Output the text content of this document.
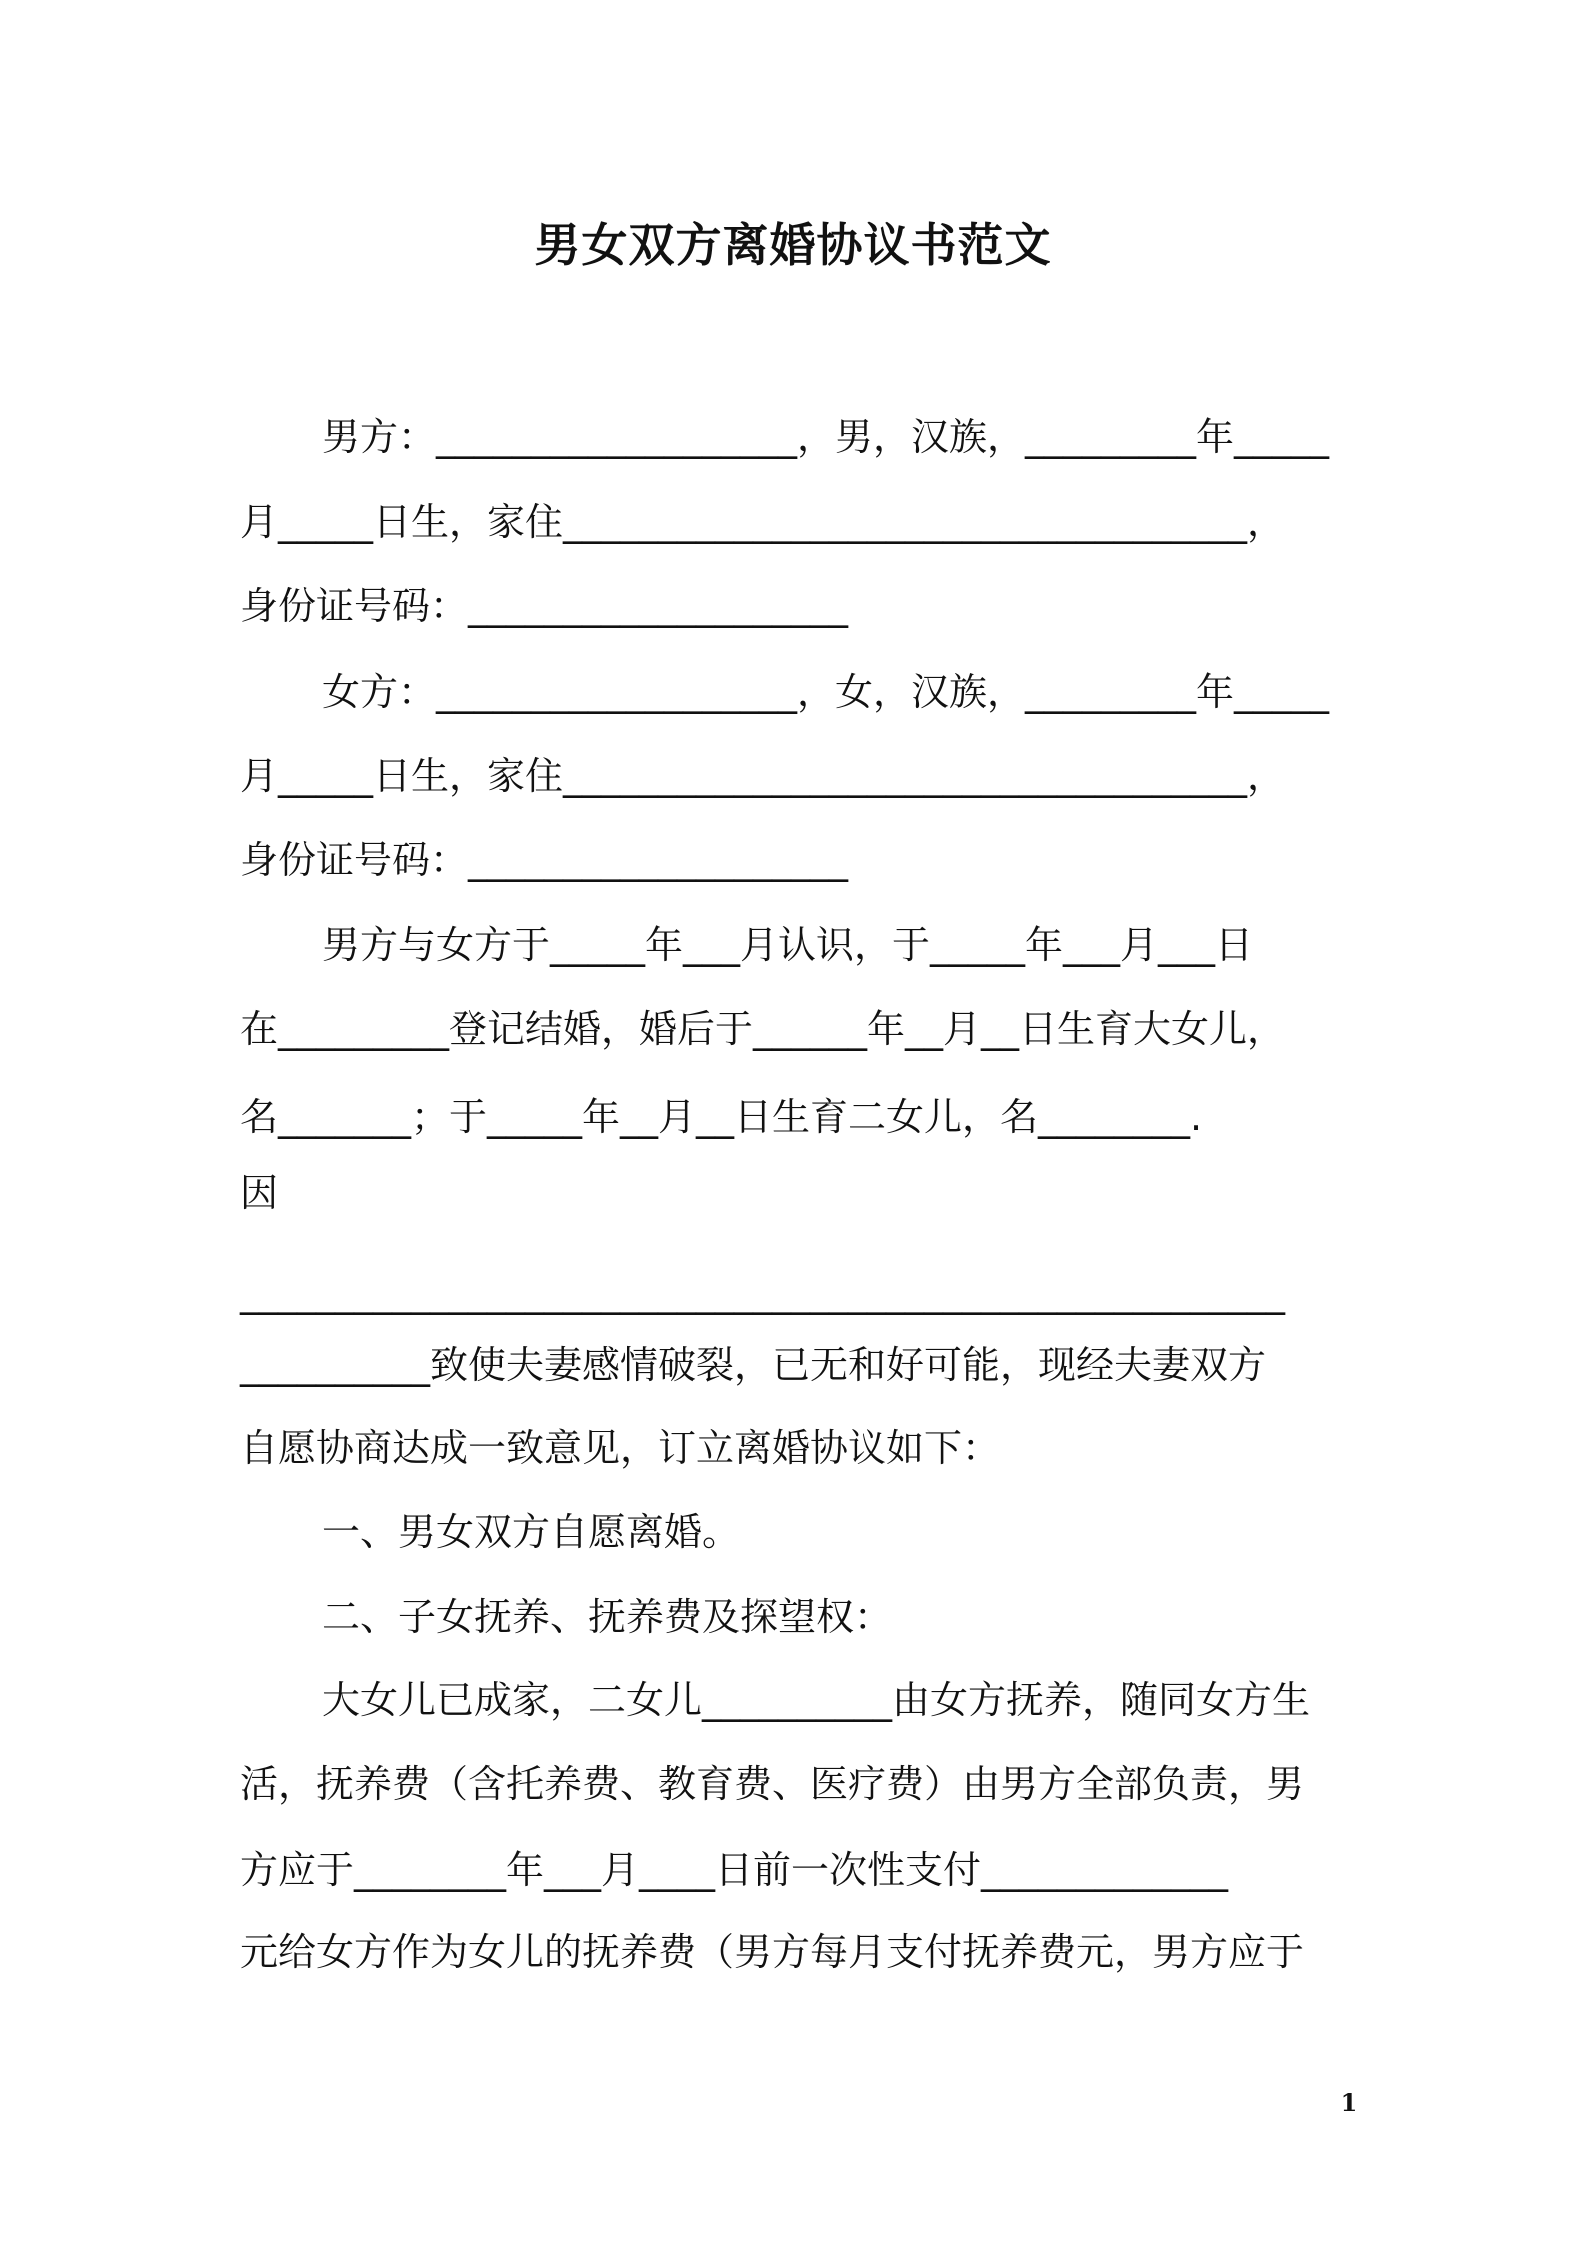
男女双方离婚协议书范文
男方：___________________，男，汉族，_________年_____
月_____日生，家住____________________________________，
身份证号码：____________________
女方：___________________，女，汉族，_________年_____
月_____日生，家住____________________________________，
身份证号码：____________________
男方与女方于_____年___月认识，于_____年___月___日
在_________登记结婚，婚后于______年__月__日生育大女儿，
名_______；于_____年__月__日生育二女儿，名________.
因
_______________________________________________________
__________致使夫妻感情破裂，已无和好可能，现经夫妻双方
自愿协商达成一致意见，订立离婚协议如下：
一、男女双方自愿离婚。
二、子女抚养、抚养费及探望权：
大女儿已成家，二女儿__________由女方抚养，随同女方生
活，抚养费（含托养费、教育费、医疗费）由男方全部负责，男
方应于________年___月____日前一次性支付_____________
元给女方作为女儿的抚养费（男方每月支付抚养费元，男方应于
1
